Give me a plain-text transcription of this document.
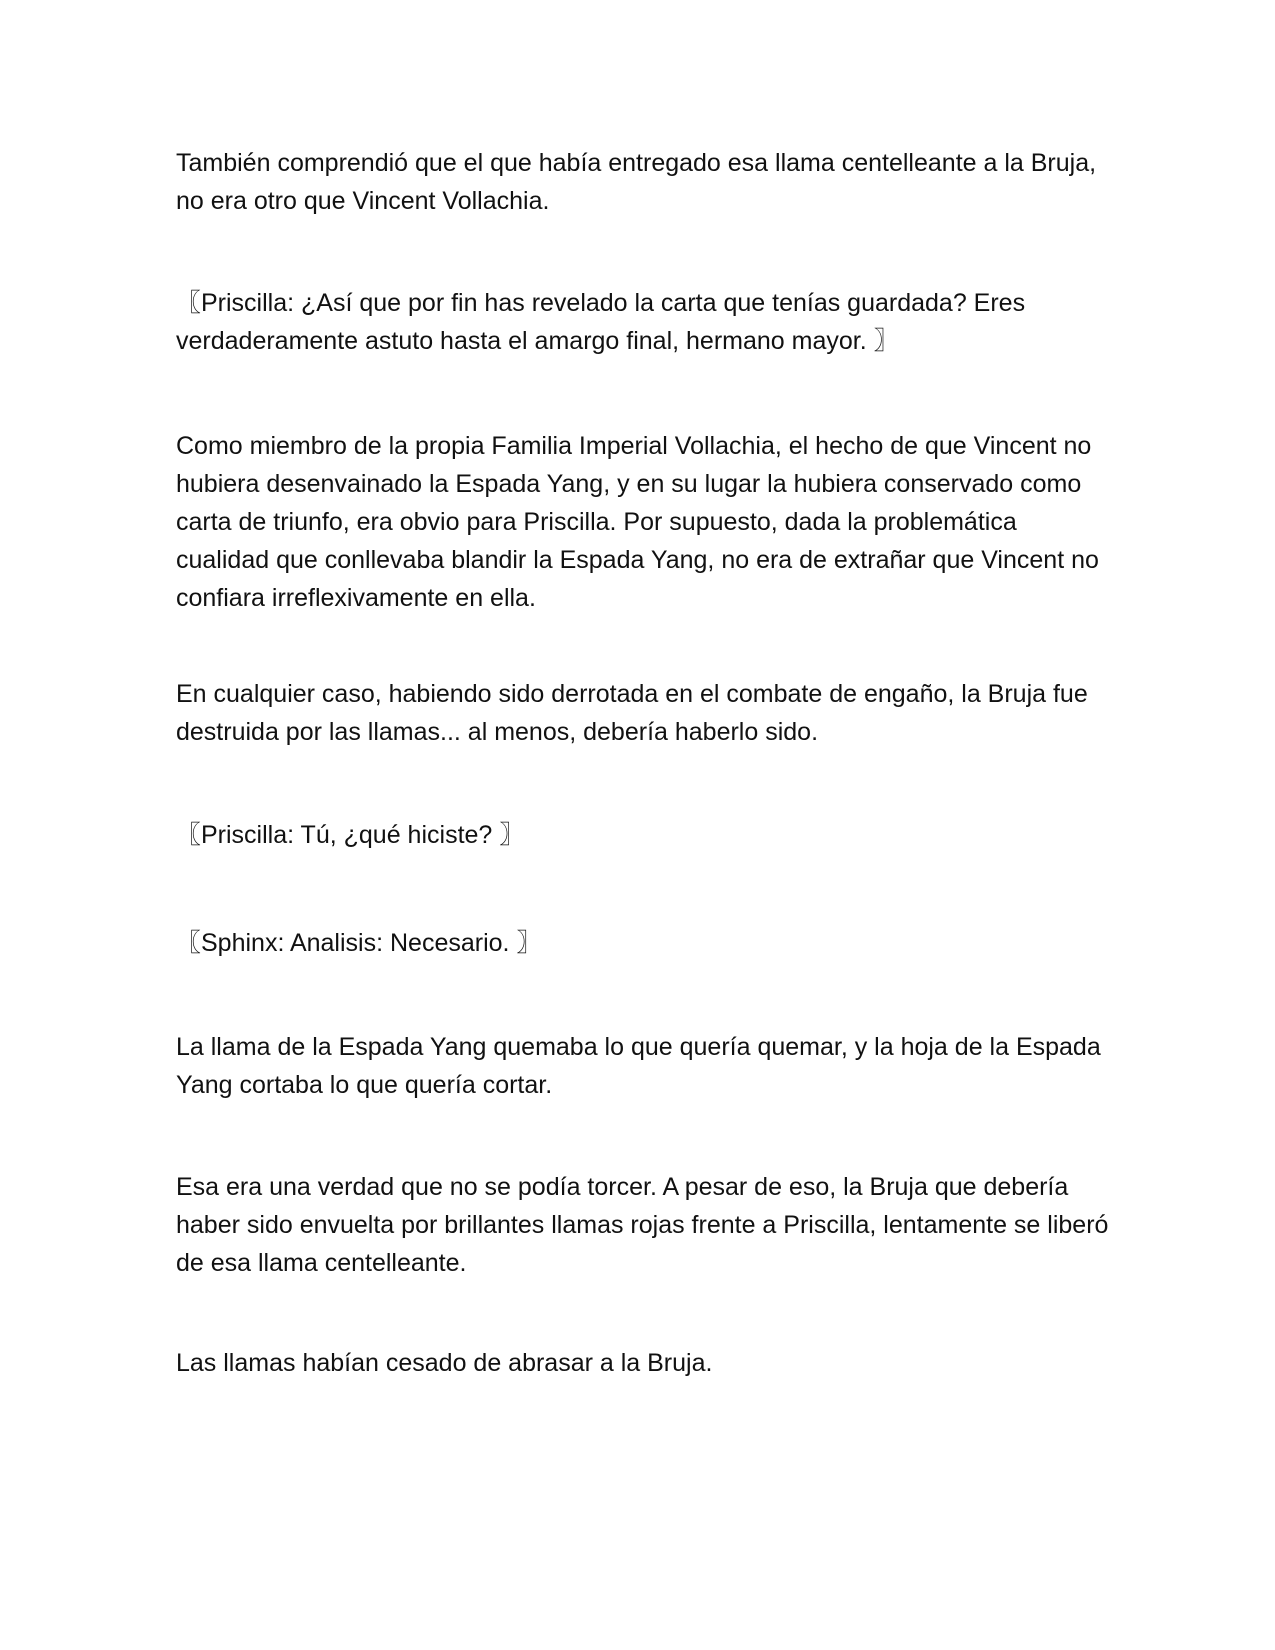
También comprendió que el que había entregado esa llama centelleante a la Bruja, no era otro que Vincent Vollachia.

〖Priscilla: ¿Así que por fin has revelado la carta que tenías guardada? Eres verdaderamente astuto hasta el amargo final, hermano mayor. 〗

Como miembro de la propia Familia Imperial Vollachia, el hecho de que Vincent no hubiera desenvainado la Espada Yang, y en su lugar la hubiera conservado como carta de triunfo, era obvio para Priscilla. Por supuesto, dada la problemática cualidad que conllevaba blandir la Espada Yang, no era de extrañar que Vincent no confiara irreflexivamente en ella.

En cualquier caso, habiendo sido derrotada en el combate de engaño, la Bruja fue destruida por las llamas... al menos, debería haberlo sido.

〖Priscilla: Tú, ¿qué hiciste? 〗

〖Sphinx: Analisis: Necesario. 〗

La llama de la Espada Yang quemaba lo que quería quemar, y la hoja de la Espada Yang cortaba lo que quería cortar.

Esa era una verdad que no se podía torcer. A pesar de eso, la Bruja que debería haber sido envuelta por brillantes llamas rojas frente a Priscilla, lentamente se liberó de esa llama centelleante.

Las llamas habían cesado de abrasar a la Bruja.
